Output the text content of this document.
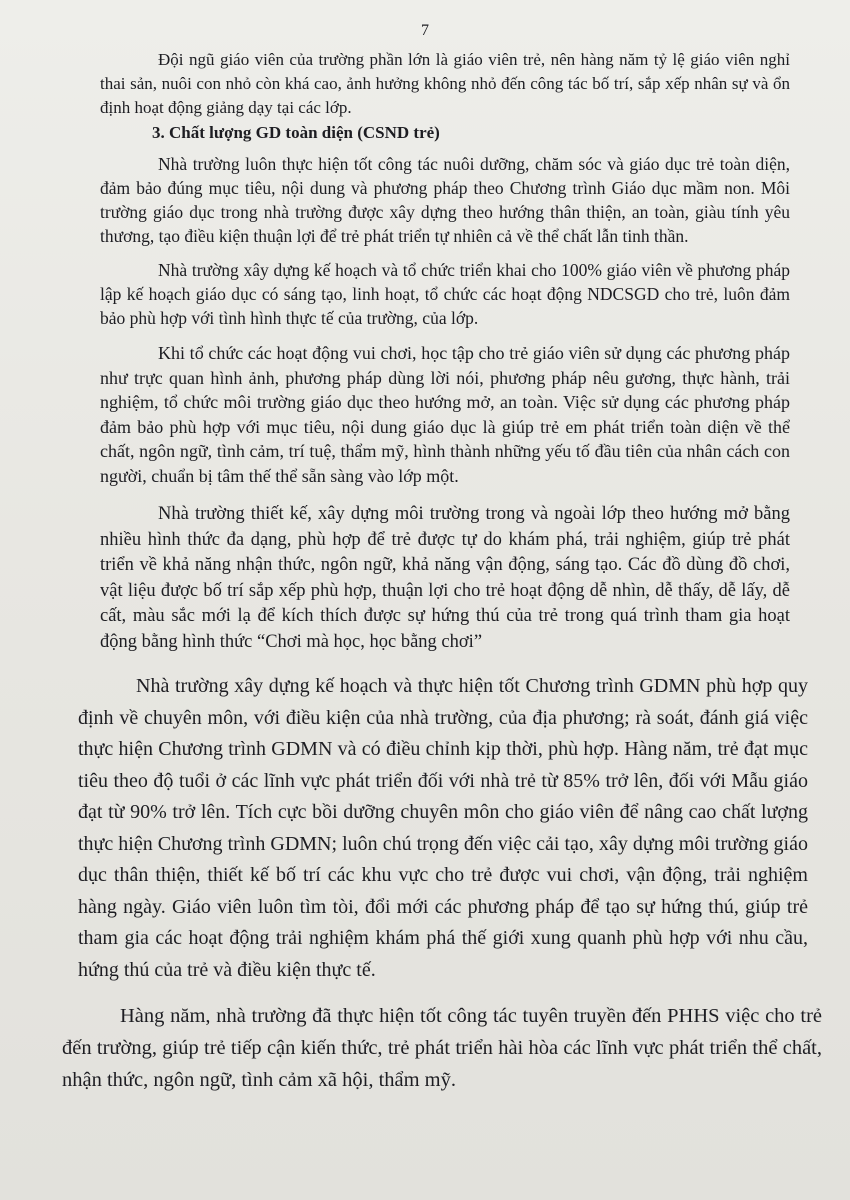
7

Đội ngũ giáo viên của trường phần lớn là giáo viên trẻ, nên hàng năm tỷ lệ giáo viên nghỉ thai sản, nuôi con nhỏ còn khá cao, ảnh hưởng không nhỏ đến công tác bố trí, sắp xếp nhân sự và ổn định hoạt động giảng dạy tại các lớp.

3. Chất lượng GD toàn diện (CSND trẻ)

Nhà trường luôn thực hiện tốt công tác nuôi dưỡng, chăm sóc và giáo dục trẻ toàn diện, đảm bảo đúng mục tiêu, nội dung và phương pháp theo Chương trình Giáo dục mầm non. Môi trường giáo dục trong nhà trường được xây dựng theo hướng thân thiện, an toàn, giàu tính yêu thương, tạo điều kiện thuận lợi để trẻ phát triển tự nhiên cả về thể chất lẫn tinh thần.

Nhà trường xây dựng kế hoạch và tổ chức triển khai cho 100% giáo viên về phương pháp lập kế hoạch giáo dục có sáng tạo, linh hoạt, tổ chức các hoạt động NDCSGD cho trẻ, luôn đảm bảo phù hợp với tình hình thực tế của trường, của lớp.

Khi tổ chức các hoạt động vui chơi, học tập cho trẻ giáo viên sử dụng các phương pháp như trực quan hình ảnh, phương pháp dùng lời nói, phương pháp nêu gương, thực hành, trải nghiệm, tổ chức môi trường giáo dục theo hướng mở, an toàn. Việc sử dụng các phương pháp đảm bảo phù hợp với mục tiêu, nội dung giáo dục là giúp trẻ em phát triển toàn diện về thể chất, ngôn ngữ, tình cảm, trí tuệ, thẩm mỹ, hình thành những yếu tố đầu tiên của nhân cách con người, chuẩn bị tâm thế thể sẵn sàng vào lớp một.

Nhà trường thiết kế, xây dựng môi trường trong và ngoài lớp theo hướng mở bằng nhiều hình thức đa dạng, phù hợp để trẻ được tự do khám phá, trải nghiệm, giúp trẻ phát triển về khả năng nhận thức, ngôn ngữ, khả năng vận động, sáng tạo. Các đồ dùng đồ chơi, vật liệu được bố trí sắp xếp phù hợp, thuận lợi cho trẻ hoạt động dễ nhìn, dễ thấy, dễ lấy, dễ cất, màu sắc mới lạ để kích thích được sự hứng thú của trẻ trong quá trình tham gia hoạt động bằng hình thức “Chơi mà học, học bằng chơi”

Nhà trường xây dựng kế hoạch và thực hiện tốt Chương trình GDMN phù hợp quy định về chuyên môn, với điều kiện của nhà trường, của địa phương; rà soát, đánh giá việc thực hiện Chương trình GDMN và có điều chỉnh kịp thời, phù hợp. Hàng năm, trẻ đạt mục tiêu theo độ tuổi ở các lĩnh vực phát triển đối với nhà trẻ từ 85% trở lên, đối với Mẫu giáo đạt từ 90% trở lên. Tích cực bồi dưỡng chuyên môn cho giáo viên để nâng cao chất lượng thực hiện Chương trình GDMN; luôn chú trọng đến việc cải tạo, xây dựng môi trường giáo dục thân thiện, thiết kế bố trí các khu vực cho trẻ được vui chơi, vận động, trải nghiệm hàng ngày. Giáo viên luôn tìm tòi, đổi mới các phương pháp để tạo sự hứng thú, giúp trẻ tham gia các hoạt động trải nghiệm khám phá thế giới xung quanh phù hợp với nhu cầu, hứng thú của trẻ và điều kiện thực tế.

Hàng năm, nhà trường đã thực hiện tốt công tác tuyên truyền đến PHHS việc cho trẻ đến trường, giúp trẻ tiếp cận kiến thức, trẻ phát triển hài hòa các lĩnh vực phát triển thể chất, nhận thức, ngôn ngữ, tình cảm xã hội, thẩm mỹ.
